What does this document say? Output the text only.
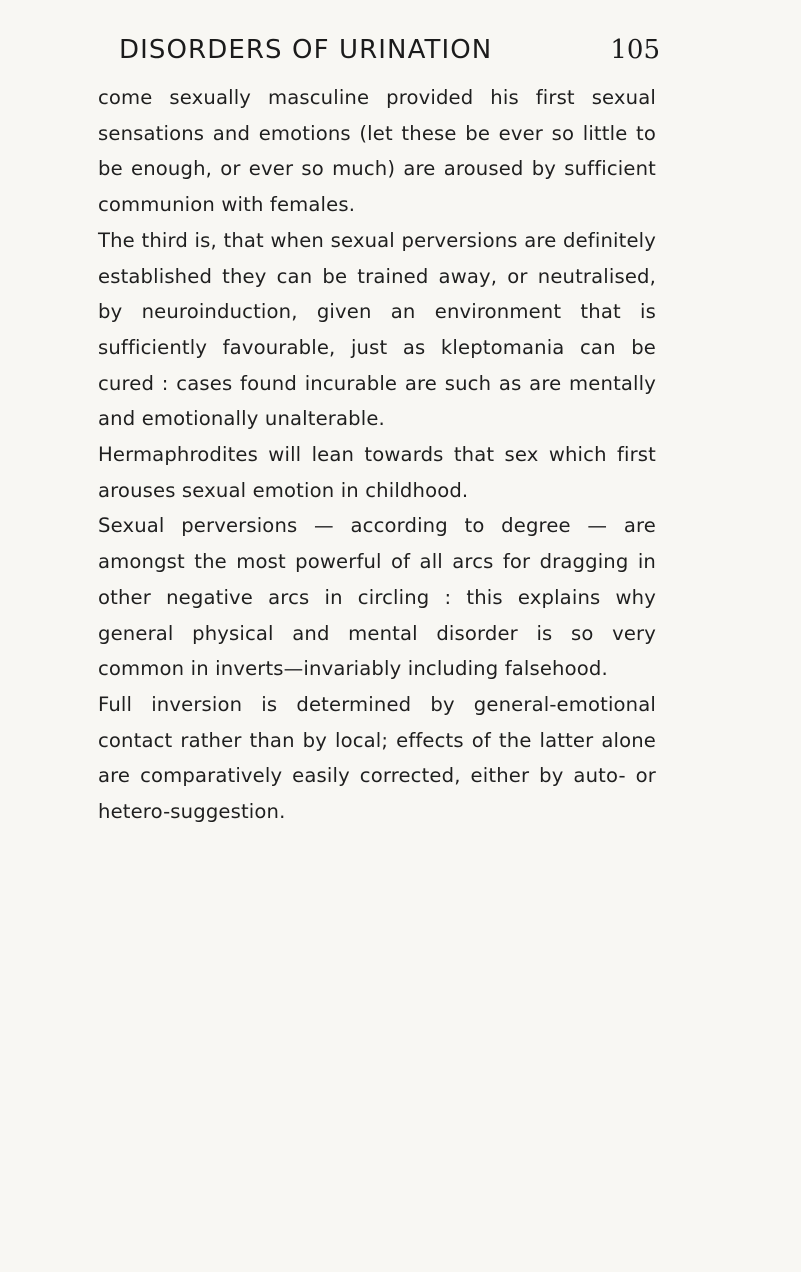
DISORDERS OF URINATION	105

come sexually masculine provided his first sexual sensations and emotions (let these be ever so little to be enough, or ever so much) are aroused by sufficient communion with females.

The third is, that when sexual perversions are definitely established they can be trained away, or neutralised, by neuroinduction, given an environment that is sufficiently favourable, just as kleptomania can be cured : cases found incurable are such as are mentally and emotionally unalterable.

Hermaphrodites will lean towards that sex which first arouses sexual emotion in childhood.

Sexual perversions — according to degree — are amongst the most powerful of all arcs for dragging in other negative arcs in circling : this explains why general physical and mental disorder is so very common in inverts—invariably including falsehood.

Full inversion is determined by general-emotional contact rather than by local; effects of the latter alone are comparatively easily corrected, either by auto- or hetero-suggestion.
